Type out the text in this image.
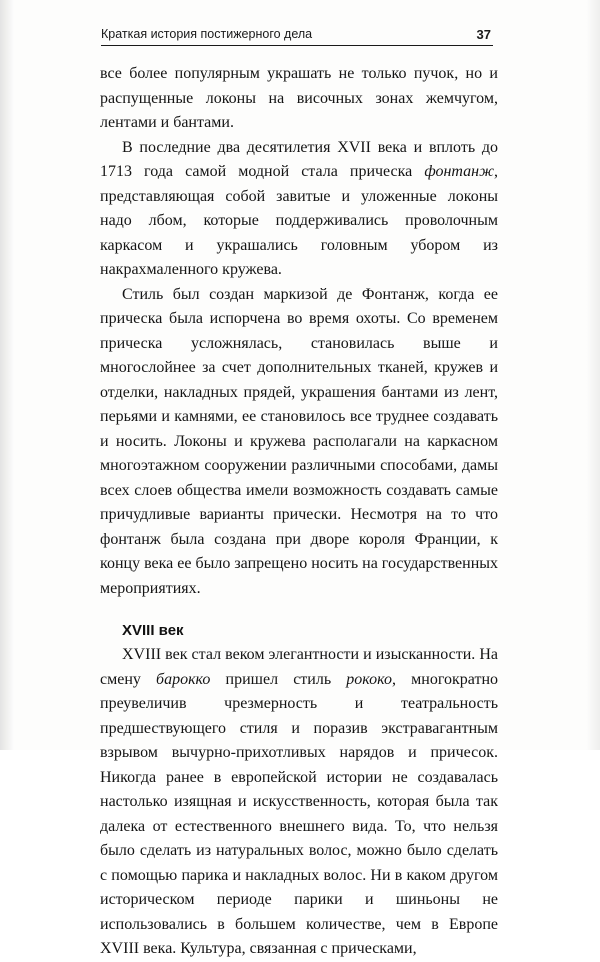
Краткая история постижерного дела	37

все более популярным украшать не только пучок, но и распущенные локоны на височных зонах жемчугом, лентами и бантами.

В последние два десятилетия XVII века и вплоть до 1713 года самой модной стала прическа фонтанж, представляющая собой завитые и уложенные локоны надо лбом, которые поддерживались проволочным каркасом и украшались головным убором из накрахмаленного кружева.

Стиль был создан маркизой де Фонтанж, когда ее прическа была испорчена во время охоты. Со временем прическа усложнялась, становилась выше и многослойнее за счет дополнительных тканей, кружев и отделки, накладных прядей, украшения бантами из лент, перьями и камнями, ее становилось все труднее создавать и носить. Локоны и кружева располагали на каркасном многоэтажном сооружении различными способами, дамы всех слоев общества имели возможность создавать самые причудливые варианты прически. Несмотря на то что фонтанж была создана при дворе короля Франции, к концу века ее было запрещено носить на государственных мероприятиях.

XVIII век

XVIII век стал веком элегантности и изысканности. На смену барокко пришел стиль рококо, многократно преувеличив чрезмерность и театральность предшествующего стиля и поразив экстравагантным взрывом вычурно-прихотливых нарядов и причесок. Никогда ранее в европейской истории не создавалась настолько изящная и искусственность, которая была так далека от естественного внешнего вида. То, что нельзя было сделать из натуральных волос, можно было сделать с помощью парика и накладных волос. Ни в каком другом историческом периоде парики и шиньоны не использовались в большем количестве, чем в Европе XVIII века. Культура, связанная с прическами,
